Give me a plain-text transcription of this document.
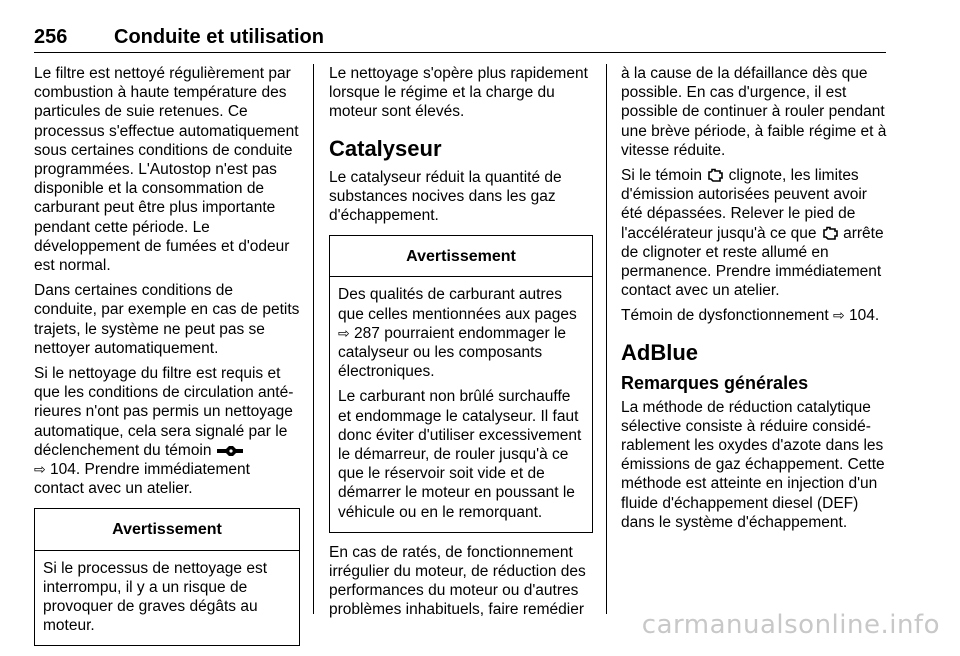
256 Conduite et utilisation

Le filtre est nettoyé régulièrement par combustion à haute température des particules de suie retenues. Ce processus s'effectue automatiquement sous certaines conditions de conduite programmées. L'Autostop n'est pas disponible et la consommation de carburant peut être plus importante pendant cette période. Le développement de fumées et d'odeur est normal.

Dans certaines conditions de conduite, par exemple en cas de petits trajets, le système ne peut pas se nettoyer automatiquement.

Si le nettoyage du filtre est requis et que les conditions de circulation antérieures n'ont pas permis un nettoyage automatique, cela sera signalé par le déclenchement du témoin
⇨ 104. Prendre immédiatement contact avec un atelier.

Avertissement

Si le processus de nettoyage est interrompu, il y a un risque de provoquer de graves dégâts au moteur.

Le nettoyage s'opère plus rapidement lorsque le régime et la charge du moteur sont élevés.

Catalyseur

Le catalyseur réduit la quantité de substances nocives dans les gaz d'échappement.

Avertissement

Des qualités de carburant autres que celles mentionnées aux pages ⇨ 287 pourraient endommager le catalyseur ou les composants électroniques.

Le carburant non brûlé surchauffe et endommage le catalyseur. Il faut donc éviter d'utiliser excessivement le démarreur, de rouler jusqu'à ce que le réservoir soit vide et de démarrer le moteur en poussant le véhicule ou en le remorquant.

En cas de ratés, de fonctionnement irrégulier du moteur, de réduction des performances du moteur ou d'autres problèmes inhabituels, faire remédier

à la cause de la défaillance dès que possible. En cas d'urgence, il est possible de continuer à rouler pendant une brève période, à faible régime et à vitesse réduite.

Si le témoin clignote, les limites d'émission autorisées peuvent avoir été dépassées. Relever le pied de l'accélérateur jusqu'à ce que arrête de clignoter et reste allumé en permanence. Prendre immédiatement contact avec un atelier.

Témoin de dysfonctionnement ⇨ 104.

AdBlue
Remarques générales

La méthode de réduction catalytique sélective consiste à réduire considérablement les oxydes d'azote dans les émissions de gaz échappement. Cette méthode est atteinte en injection d'un fluide d'échappement diesel (DEF) dans le système d'échappement.

carmanualsonline.info
